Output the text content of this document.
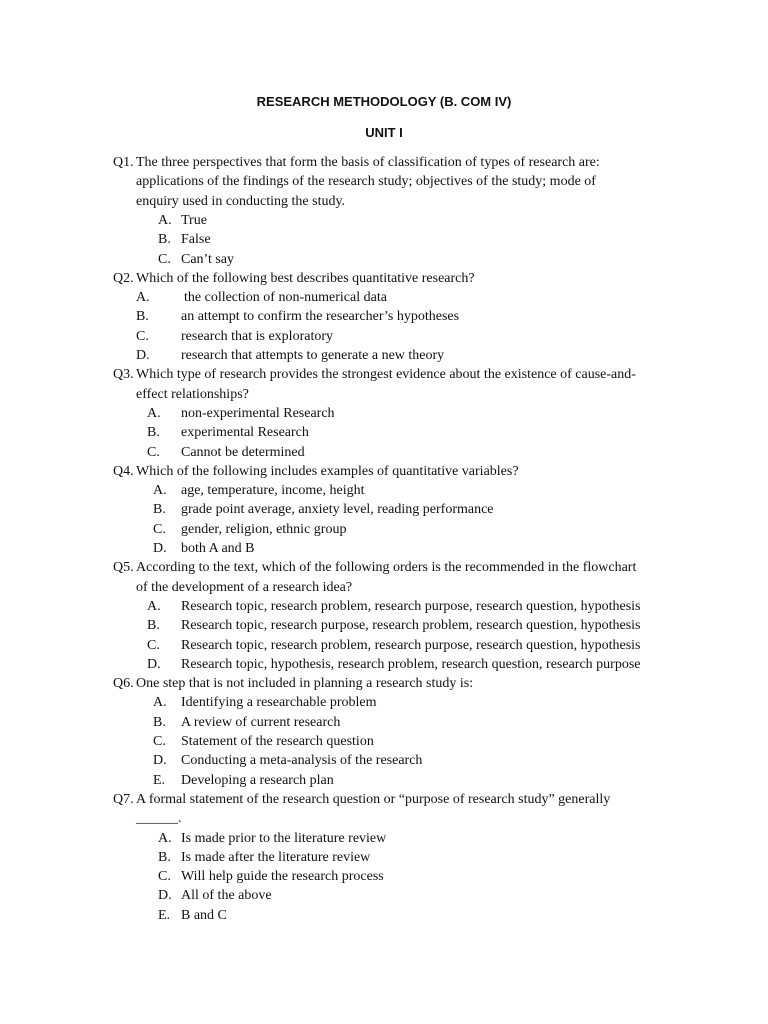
RESEARCH METHODOLOGY (B. COM IV)
UNIT I
Q1. The three perspectives that form the basis of classification of types of research are:
applications of the findings of the research study; objectives of the study; mode of
enquiry used in conducting the study.
A. True
B. False
C. Can’t say
Q2. Which of the following best describes quantitative research?
A. the collection of non-numerical data
B. an attempt to confirm the researcher’s hypotheses
C. research that is exploratory
D. research that attempts to generate a new theory
Q3. Which type of research provides the strongest evidence about the existence of cause-and-
effect relationships?
A. non-experimental Research
B. experimental Research
C. Cannot be determined
Q4. Which of the following includes examples of quantitative variables?
A. age, temperature, income, height
B. grade point average, anxiety level, reading performance
C. gender, religion, ethnic group
D. both A and B
Q5. According to the text, which of the following orders is the recommended in the flowchart
of the development of a research idea?
A. Research topic, research problem, research purpose, research question, hypothesis
B. Research topic, research purpose, research problem, research question, hypothesis
C. Research topic, research problem, research purpose, research question, hypothesis
D. Research topic, hypothesis, research problem, research question, research purpose
Q6. One step that is not included in planning a research study is:
A. Identifying a researchable problem
B. A review of current research
C. Statement of the research question
D. Conducting a meta-analysis of the research
E. Developing a research plan
Q7. A formal statement of the research question or “purpose of research study” generally
______.
A. Is made prior to the literature review
B. Is made after the literature review
C. Will help guide the research process
D. All of the above
E. B and C
